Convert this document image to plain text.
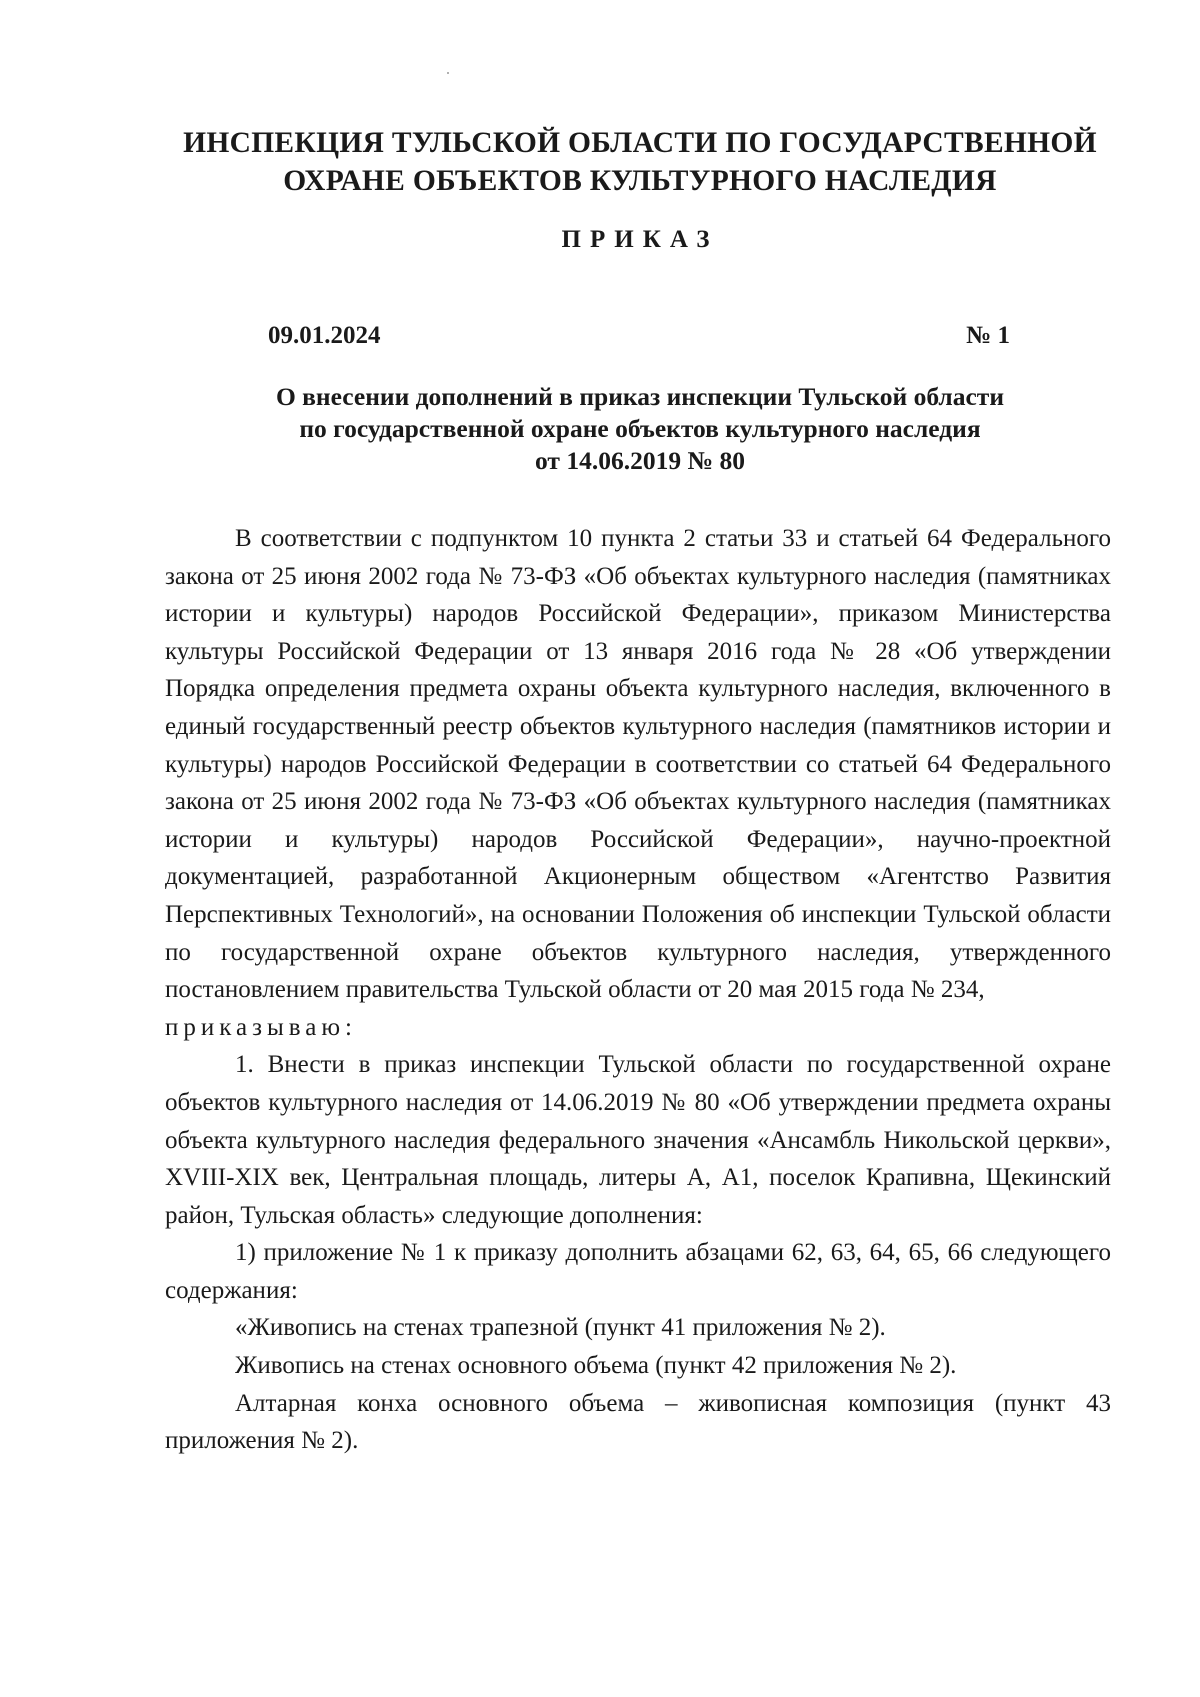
ИНСПЕКЦИЯ ТУЛЬСКОЙ ОБЛАСТИ ПО ГОСУДАРСТВЕННОЙ
ОХРАНЕ ОБЪЕКТОВ КУЛЬТУРНОГО НАСЛЕДИЯ
ПРИКАЗ
09.01.2024	№ 1
О внесении дополнений в приказ инспекции Тульской области
по государственной охране объектов культурного наследия
от 14.06.2019 № 80

В соответствии с подпунктом 10 пункта 2 статьи 33 и статьей 64 Федерального закона от 25 июня 2002 года № 73-ФЗ «Об объектах культурного наследия (памятниках истории и культуры) народов Российской Федерации», приказом Министерства культуры Российской Федерации от 13 января 2016 года № 28 «Об утверждении Порядка определения предмета охраны объекта культурного наследия, включенного в единый государственный реестр объектов культурного наследия (памятников истории и культуры) народов Российской Федерации в соответствии со статьей 64 Федерального закона от 25 июня 2002 года № 73-ФЗ «Об объектах культурного наследия (памятниках истории и культуры) народов Российской Федерации», научно-проектной документацией, разработанной Акционерным обществом «Агентство Развития Перспективных Технологий», на основании Положения об инспекции Тульской области по государственной охране объектов культурного наследия, утвержденного постановлением правительства Тульской области от 20 мая 2015 года № 234,

приказываю:

1. Внести в приказ инспекции Тульской области по государственной охране объектов культурного наследия от 14.06.2019 № 80 «Об утверждении предмета охраны объекта культурного наследия федерального значения «Ансамбль Никольской церкви», XVIII-XIX век, Центральная площадь, литеры А, А1, поселок Крапивна, Щекинский район, Тульская область» следующие дополнения:

1) приложение № 1 к приказу дополнить абзацами 62, 63, 64, 65, 66 следующего содержания:

«Живопись на стенах трапезной (пункт 41 приложения № 2).

Живопись на стенах основного объема (пункт 42 приложения № 2).

Алтарная конха основного объема – живописная композиция (пункт 43 приложения № 2).
